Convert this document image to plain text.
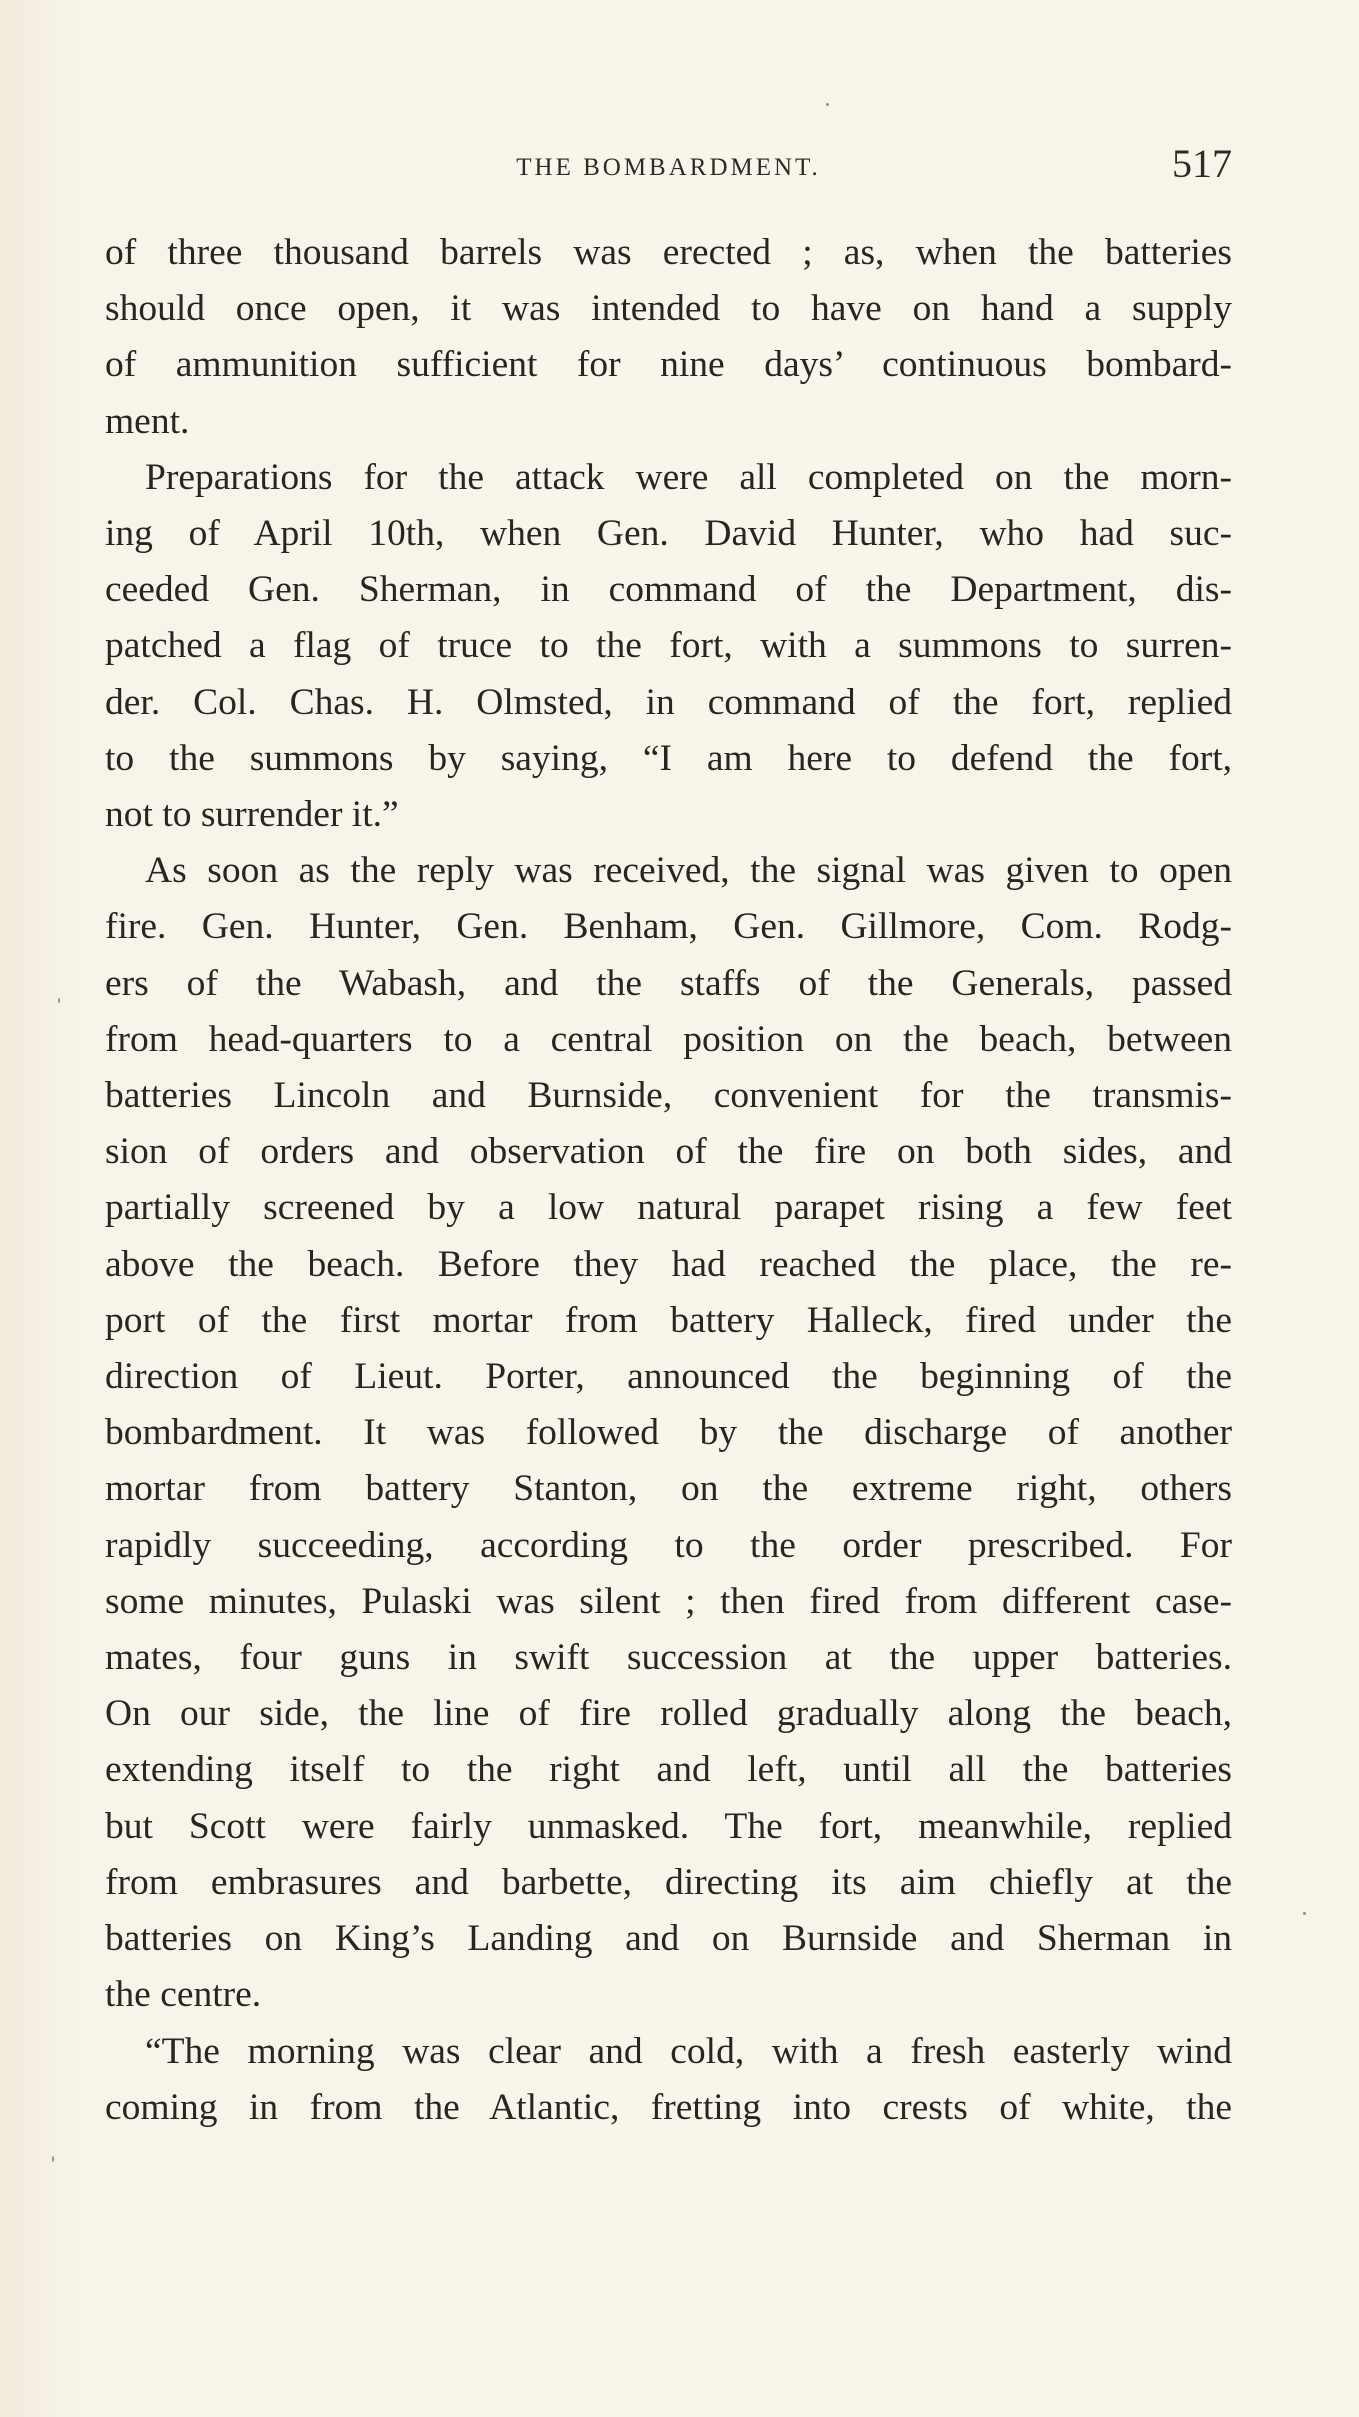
THE BOMBARDMENT.	517

of three thousand barrels was erected ; as, when the batteries
should once open, it was intended to have on hand a supply
of ammunition sufficient for nine days’ continuous bombard-
ment.

Preparations for the attack were all completed on the morn-
ing of April 10th, when Gen. David Hunter, who had suc-
ceeded Gen. Sherman, in command of the Department, dis-
patched a flag of truce to the fort, with a summons to surren-
der. Col. Chas. H. Olmsted, in command of the fort, replied
to the summons by saying, “I am here to defend the fort,
not to surrender it.”

As soon as the reply was received, the signal was given to open
fire. Gen. Hunter, Gen. Benham, Gen. Gillmore, Com. Rodg-
ers of the Wabash, and the staffs of the Generals, passed
from head-quarters to a central position on the beach, between
batteries Lincoln and Burnside, convenient for the transmis-
sion of orders and observation of the fire on both sides, and
partially screened by a low natural parapet rising a few feet
above the beach. Before they had reached the place, the re-
port of the first mortar from battery Halleck, fired under the
direction of Lieut. Porter, announced the beginning of the
bombardment. It was followed by the discharge of another
mortar from battery Stanton, on the extreme right, others
rapidly succeeding, according to the order prescribed. For
some minutes, Pulaski was silent ; then fired from different case-
mates, four guns in swift succession at the upper batteries.
On our side, the line of fire rolled gradually along the beach,
extending itself to the right and left, until all the batteries
but Scott were fairly unmasked. The fort, meanwhile, replied
from embrasures and barbette, directing its aim chiefly at the
batteries on King’s Landing and on Burnside and Sherman in
the centre.

“The morning was clear and cold, with a fresh easterly wind
coming in from the Atlantic, fretting into crests of white, the
